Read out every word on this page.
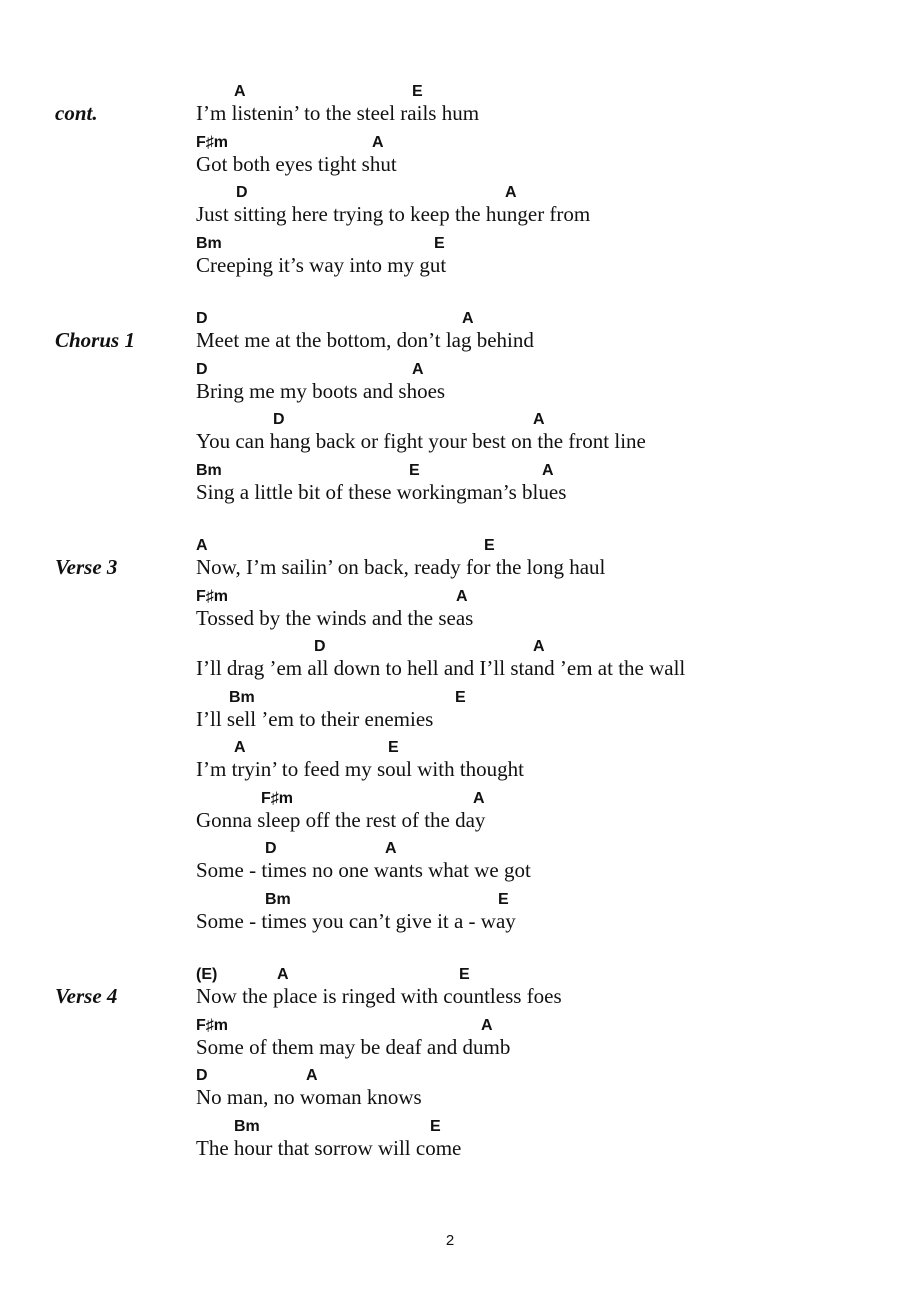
cont.
A	E
I’m listenin’ to the steel rails hum
F♯m	A
Got both eyes tight shut
D	A
Just sitting here trying to keep the hunger from
Bm	E
Creeping it’s way into my gut
Chorus 1
D	A
Meet me at the bottom, don’t lag behind
D	A
Bring me my boots and shoes
D	A
You can hang back or fight your best on the front line
Bm	E	A
Sing a little bit of these workingman’s blues
Verse 3
A	E
Now, I’m sailin’ on back, ready for the long haul
F♯m	A
Tossed by the winds and the seas
D	A
I’ll drag ’em all down to hell and I’ll stand ’em at the wall
Bm	E
I’ll sell ’em to their enemies
A	E
I’m tryin’ to feed my soul with thought
F♯m	A
Gonna sleep off the rest of the day
D	A
Some - times no one wants what we got
Bm	E
Some - times you can’t give it a - way
Verse 4
(E)	A	E
Now the place is ringed with countless foes
F♯m	A
Some of them may be deaf and dumb
D	A
No man, no woman knows
Bm	E
The hour that sorrow will come
2
